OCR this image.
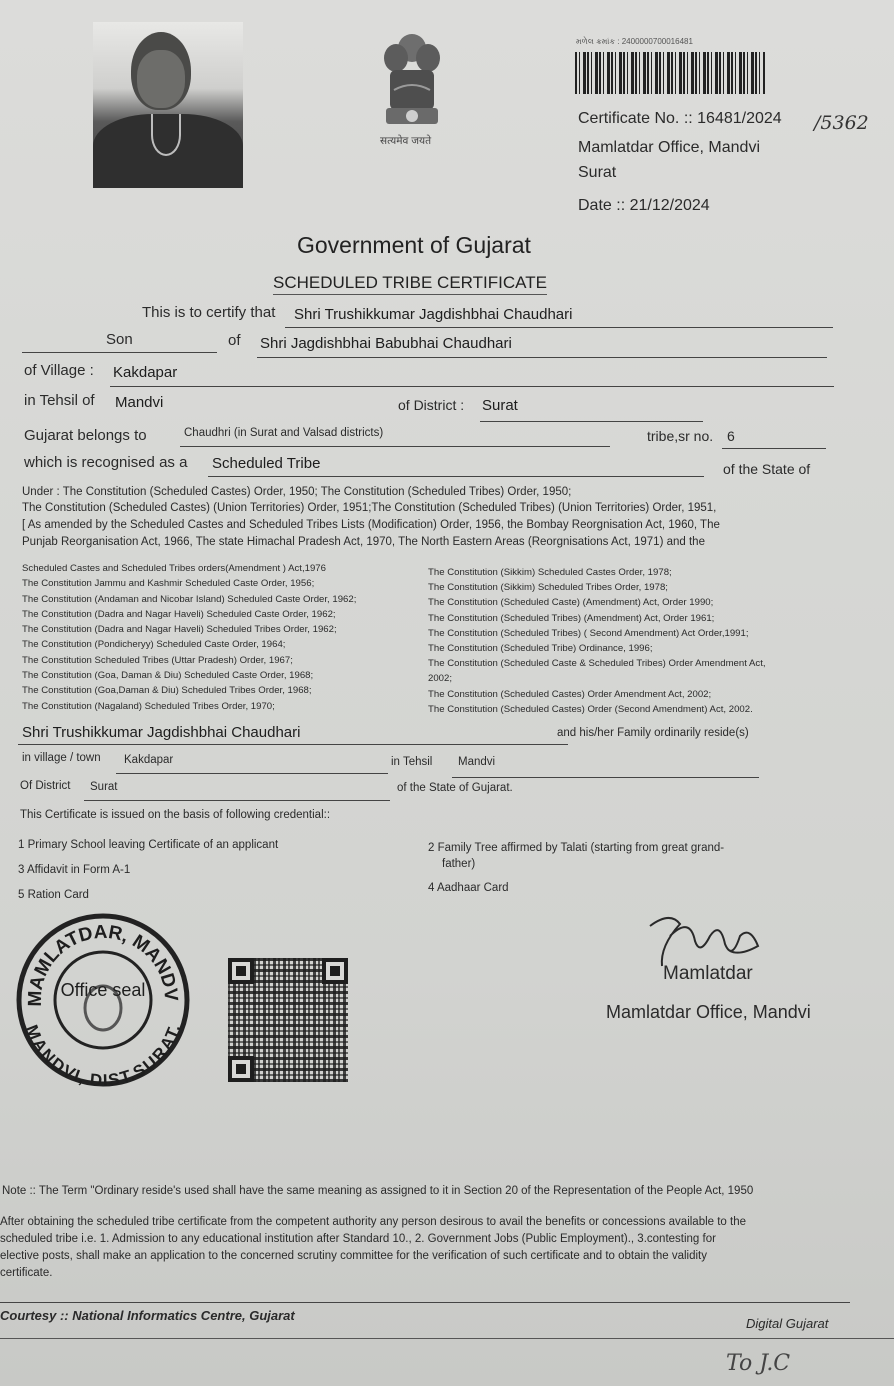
सत्यमेव जयते
મળેલ ક્રમાંક : 2400000700016481
Certificate No. :: 16481/2024 /5362
Mamlatdar Office, Mandvi
Surat
Date :: 21/12/2024
Government of Gujarat
SCHEDULED TRIBE CERTIFICATE
This is to certify that Shri Trushikkumar Jagdishbhai Chaudhari
Son	of Shri Jagdishbhai Babubhai Chaudhari
of Village : Kakdapar
in Tehsil of Mandvi	of District : Surat
Gujarat belongs to	Chaudhri (in Surat and Valsad districts)	tribe,sr no. 6
which is recognised as a Scheduled Tribe	of the State of
Under : The Constitution (Scheduled Castes) Order, 1950; The Constitution (Scheduled Tribes) Order, 1950;
The Constitution (Scheduled Castes) (Union Territories) Order, 1951;The Constitution (Scheduled Tribes) (Union Territories) Order, 1951,
[ As amended by the Scheduled Castes and Scheduled Tribes Lists (Modification) Order, 1956, the Bombay Reorgnisation Act, 1960, The
Punjab Reorganisation Act, 1966, The state Himachal Pradesh Act, 1970, The North Eastern Areas (Reorgnisations Act, 1971) and the
Scheduled Castes and Scheduled Tribes orders(Amendment ) Act,1976
The Constitution Jammu and Kashmir Scheduled Caste Order, 1956;
The Constitution (Andaman and Nicobar Island) Scheduled Caste Order, 1962;
The Constitution (Dadra and Nagar Haveli) Scheduled Caste Order, 1962;
The Constitution (Dadra and Nagar Haveli) Scheduled Tribes Order, 1962;
The Constitution (Pondicheryy) Scheduled Caste Order, 1964;
The Constitution Scheduled Tribes (Uttar Pradesh) Order, 1967;
The Constitution (Goa, Daman & Diu) Scheduled Caste Order, 1968;
The Constitution (Goa,Daman & Diu) Scheduled Tribes Order, 1968;
The Constitution (Nagaland) Scheduled Tribes Order, 1970;
The Constitution (Sikkim) Scheduled Castes Order, 1978;
The Constitution (Sikkim) Scheduled Tribes Order, 1978;
The Constitution (Scheduled Caste) (Amendment) Act, Order 1990;
The Constitution (Scheduled Tribes) (Amendment) Act, Order 1961;
The Constitution (Scheduled Tribes) ( Second Amendment) Act Order,1991;
The Constitution (Scheduled Tribe) Ordinance, 1996;
The Constitution (Scheduled Caste & Scheduled Tribes) Order Amendment Act,
2002;
The Constitution (Scheduled Castes) Order Amendment Act, 2002;
The Constitution (Scheduled Castes) Order (Second Amendment) Act, 2002.
Shri Trushikkumar Jagdishbhai Chaudhari	and his/her Family ordinarily reside(s)
in village / town Kakdapar	in Tehsil Mandvi
Of District Surat	of the State of Gujarat.
This Certificate is issued on the basis of following credential::
1 Primary School leaving Certificate of an applicant	2 Family Tree affirmed by Talati (starting from great grand-
father)
3 Affidavit in Form A-1
4 Aadhaar Card
5 Ration Card
MAMLATDAR, MANDV
MANDVI, DIST.SURAT.
Office seal
Mamlatdar
Mamlatdar Office, Mandvi
Note :: The Term "Ordinary reside's used shall have the same meaning as assigned to it in Section 20 of the Representation of the People Act, 1950
After obtaining the scheduled tribe certificate from the competent authority any person desirous to avail the benefits or concessions available to the
scheduled tribe i.e. 1. Admission to any educational institution after Standard 10., 2. Government Jobs (Public Employment)., 3.contesting for
elective posts, shall make an application to the concerned scrutiny committee for the verification of such certificate and to obtain the validity
certificate.
Courtesy :: National Informatics Centre, Gujarat
Digital Gujarat
To J.C
